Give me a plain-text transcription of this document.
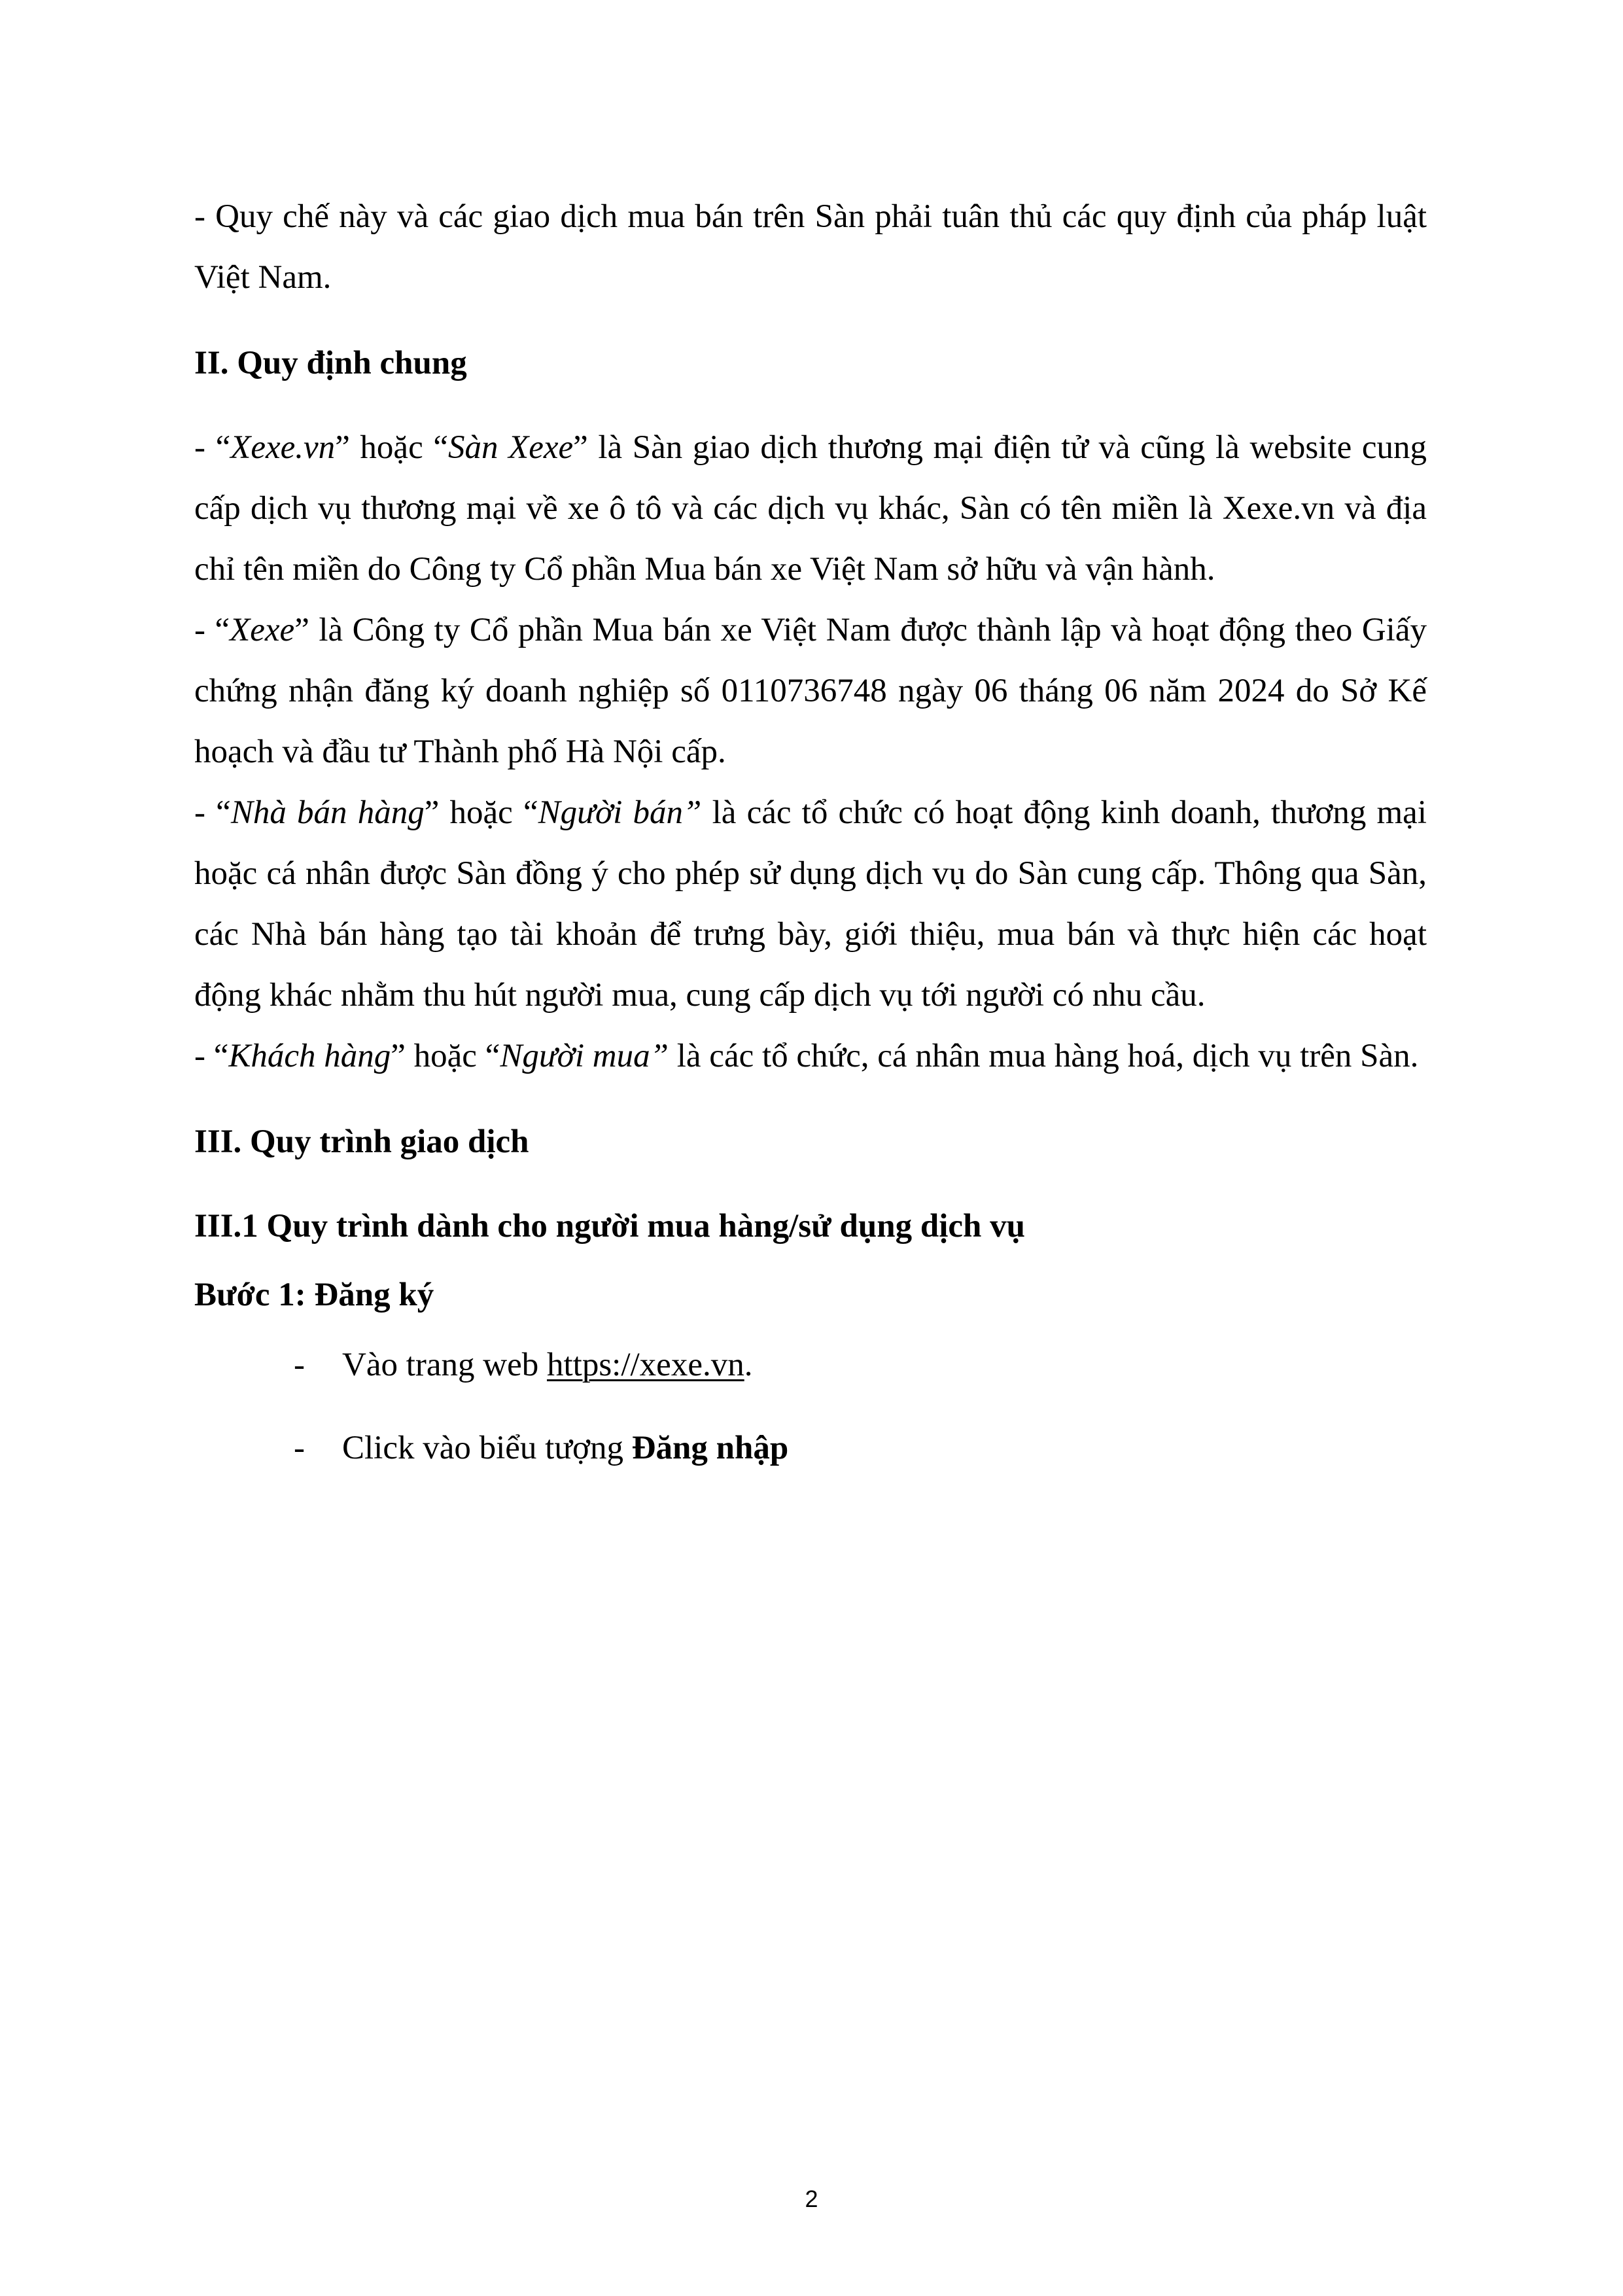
- Quy chế này và các giao dịch mua bán trên Sàn phải tuân thủ các quy định của pháp luật Việt Nam.

II. Quy định chung

- “Xexe.vn” hoặc “Sàn Xexe” là Sàn giao dịch thương mại điện tử và cũng là website cung cấp dịch vụ thương mại về xe ô tô và các dịch vụ khác, Sàn có tên miền là Xexe.vn và địa chỉ tên miền do Công ty Cổ phần Mua bán xe Việt Nam sở hữu và vận hành.

- “Xexe” là Công ty Cổ phần Mua bán xe Việt Nam được thành lập và hoạt động theo Giấy chứng nhận đăng ký doanh nghiệp số 0110736748 ngày 06 tháng 06 năm 2024 do Sở Kế hoạch và đầu tư Thành phố Hà Nội cấp.

- “Nhà bán hàng” hoặc “Người bán” là các tổ chức có hoạt động kinh doanh, thương mại hoặc cá nhân được Sàn đồng ý cho phép sử dụng dịch vụ do Sàn cung cấp. Thông qua Sàn, các Nhà bán hàng tạo tài khoản để trưng bày, giới thiệu, mua bán và thực hiện các hoạt động khác nhằm thu hút người mua, cung cấp dịch vụ tới người có nhu cầu.

- “Khách hàng” hoặc “Người mua” là các tổ chức, cá nhân mua hàng hoá, dịch vụ trên Sàn.

III. Quy trình giao dịch
III.1 Quy trình dành cho người mua hàng/sử dụng dịch vụ
Bước 1: Đăng ký

- Vào trang web https://xexe.vn.

- Click vào biểu tượng Đăng nhập

2
